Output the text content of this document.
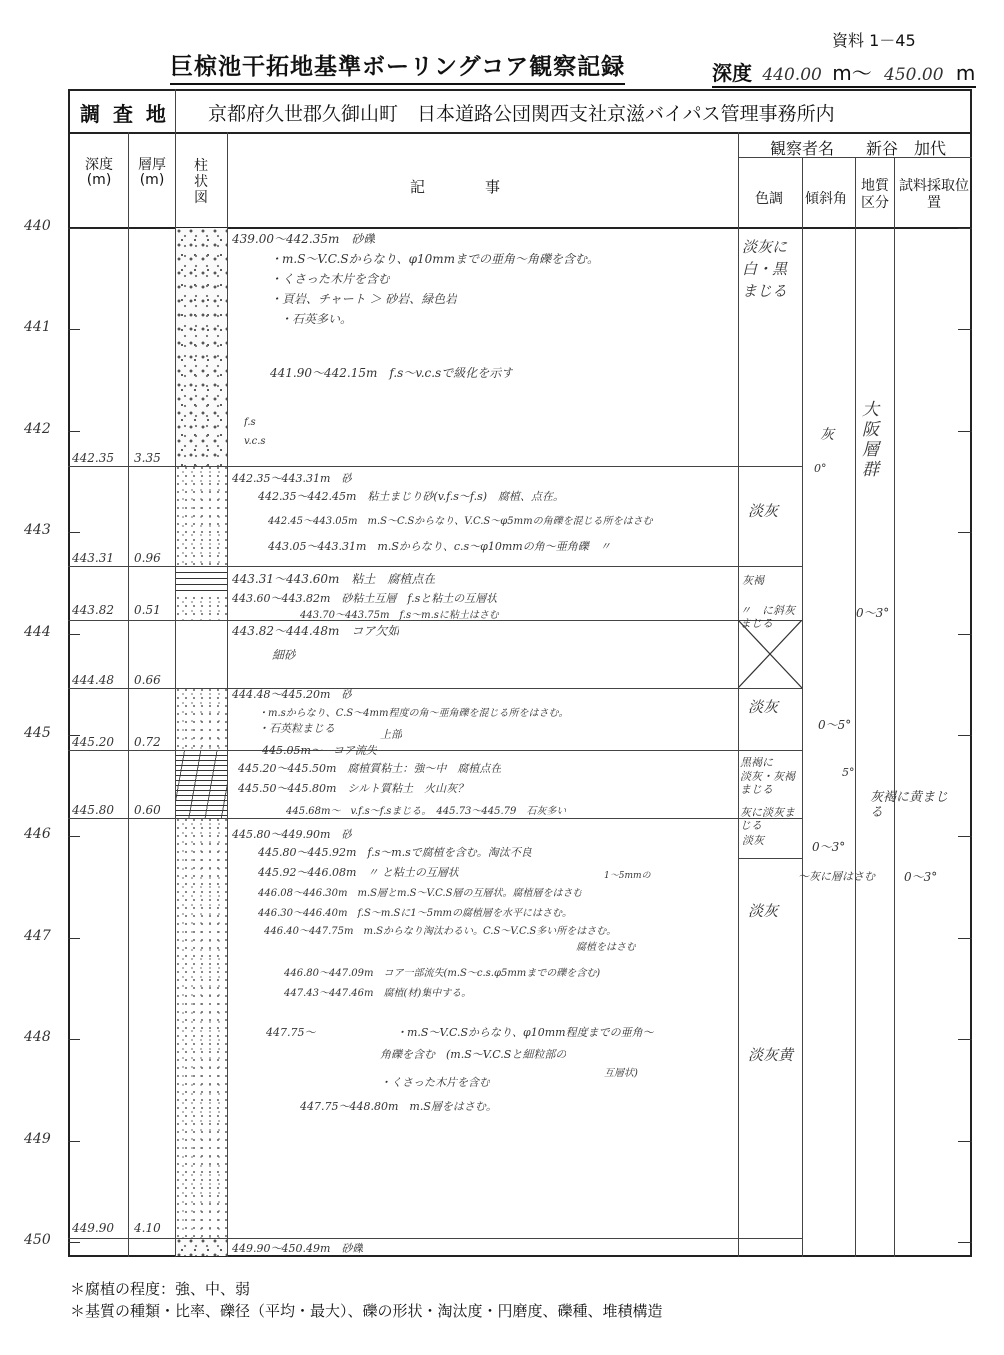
資料 1－45
巨椋池干拓地基準ボーリングコア観察記録	深度 440.00 m～ 450.00 m
調 査 地 京都府久世郡久御山町　日本道路公団関西支社京滋バイパス管理事務所内
観察者名 新谷　加代
深度(m)
層厚(m)
柱状図
記　　　　事
色調 傾斜角
地質区分
試料採取位置
440
441
442
443
444
445
446
447
448
449
450
442.35 3.35
443.31 0.96
443.82 0.51
444.48 0.66
445.20 0.72
445.80 0.60
449.90 4.10
439.00～442.35m　砂礫
・m.S～V.C.Sからなり、φ10mmまでの亜角～角礫を含む。
・くさった木片を含む
・頁岩、チャート ＞ 砂岩、緑色岩
・石英多い。
441.90～442.15m　f.s～v.c.sで級化を示す
f.s
v.c.s
442.35～443.31m　砂
442.35～442.45m　粘土まじり砂(v.f.s～f.s)　腐植、点在。
442.45～443.05m　m.S～C.Sからなり、V.C.S～φ5mmの角礫を混じる所をはさむ
443.05～443.31m　m.Sからなり、c.s～φ10mmの角～亜角礫　〃
443.31～443.60m　粘土　腐植点在
443.60～443.82m　砂粘土互層　f.sと粘土の互層状
443.70～443.75m　f.s～m.sに粘土はさむ
443.82～444.48m　コア欠如
細砂
444.48～445.20m　砂
・m.sからなり、C.S～4mm程度の角～亜角礫を混じる所をはさむ。
・石英粒まじる
445.05m～　コア流失
上部
445.20～445.50m　腐植質粘土：強～中　腐植点在
445.50～445.80m　シルト質粘土　火山灰？
445.68m～　v.f.s～f.sまじる。　445.73～445.79　石灰多い
445.80～449.90m　砂
445.80～445.92m　f.s～m.sで腐植を含む。淘汰不良
445.92～446.08m　〃 と粘土の互層状
446.08～446.30m　m.S層とm.S～V.C.S層の互層状。腐植層をはさむ
1～5mmの
446.30～446.40m　f.S～m.Sに1～5mmの腐植層を水平にはさむ。
446.40～447.75m　m.Sからなり淘汰わるい。C.S～V.C.S多い所をはさむ。
腐植をはさむ
446.80～447.09m　コア一部流失(m.S～c.s.φ5mmまでの礫を含む)
447.43～447.46m　腐植(材)集中する。
447.75～	・m.S～V.C.Sからなり、φ10mm程度までの亜角～
角礫を含む　(m.S～V.C.Sと細粒部の
互層状)
・くさった木片を含む
447.75～448.80m　m.S層をはさむ。
449.90～450.49m　砂礫
淡灰に白・黒まじる
淡灰
灰褐
〃　に斜灰まじる
淡灰
黒褐に
淡灰・灰褐まじる
灰に淡灰まじる
淡灰
淡灰
淡灰黄
灰
0°
0～3°
0～5°
5°
0～3°
〜灰に層はさむ 0～3°
大阪層群
灰褐に黄まじる
＊腐植の程度：強、中、弱
＊基質の種類・比率、礫径（平均・最大）、礫の形状・淘汰度・円磨度、礫種、堆積構造
